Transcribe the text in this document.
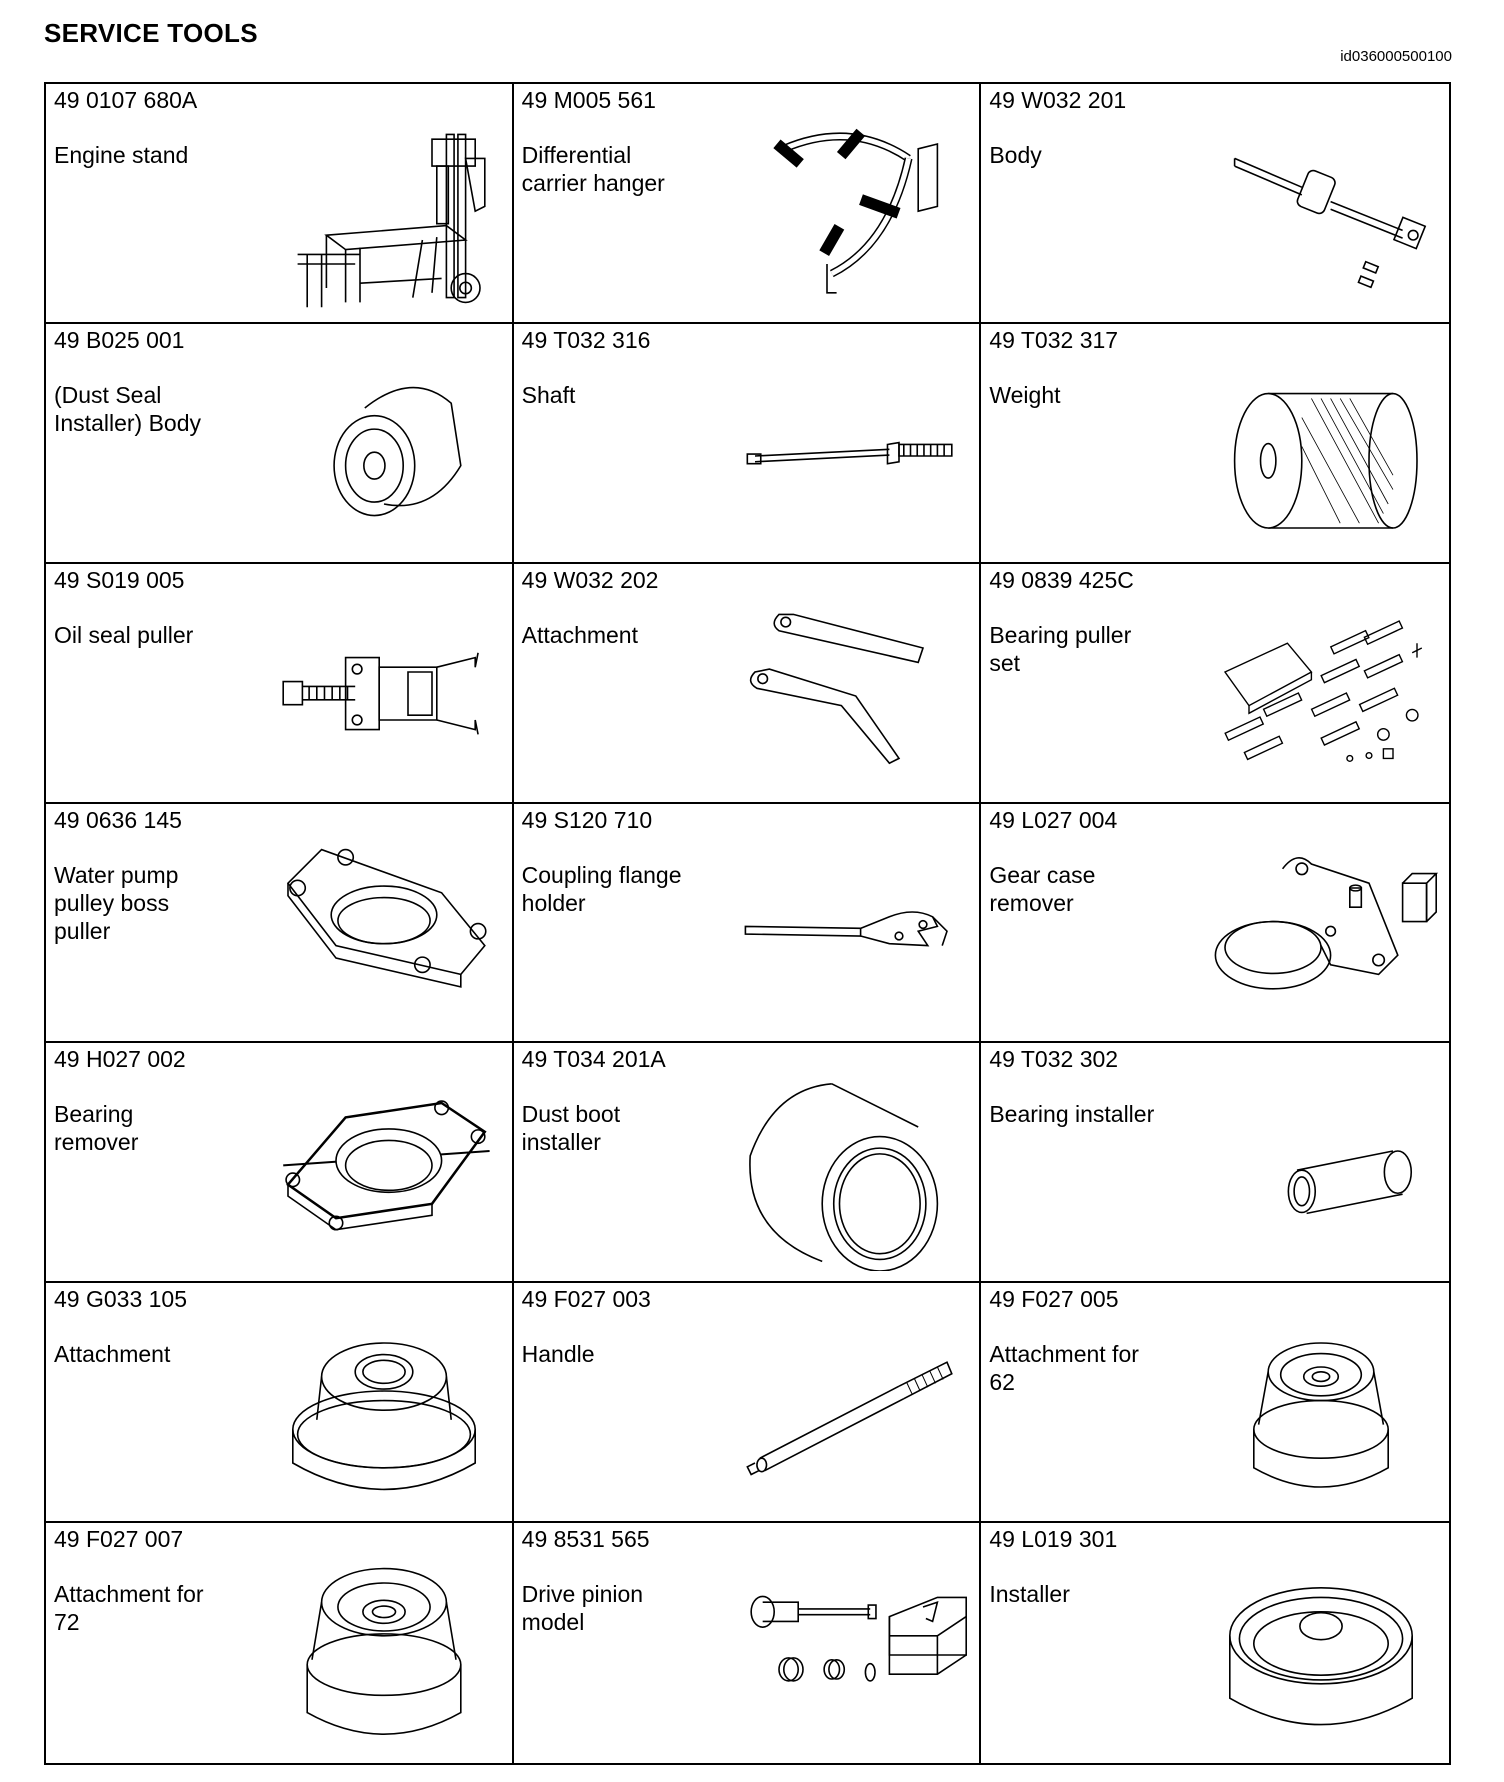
SERVICE TOOLS
id036000500100
49 0107 680A
Engine stand
49 M005 561
Differential
carrier hanger
49 W032 201
Body
49 B025 001
(Dust Seal
Installer) Body
49 T032 316
Shaft
49 T032 317
Weight
49 S019 005
Oil seal puller
49 W032 202
Attachment
49 0839 425C
Bearing puller
set
49 0636 145
Water pump
pulley boss
puller
49 S120 710
Coupling flange
holder
49 L027 004
Gear case
remover
49 H027 002
Bearing
remover
49 T034 201A
Dust boot
installer
49 T032 302
Bearing installer
49 G033 105
Attachment
49 F027 003
Handle
49 F027 005
Attachment for
62
49 F027 007
Attachment for
72
49 8531 565
Drive pinion
model
49 L019 301
Installer
